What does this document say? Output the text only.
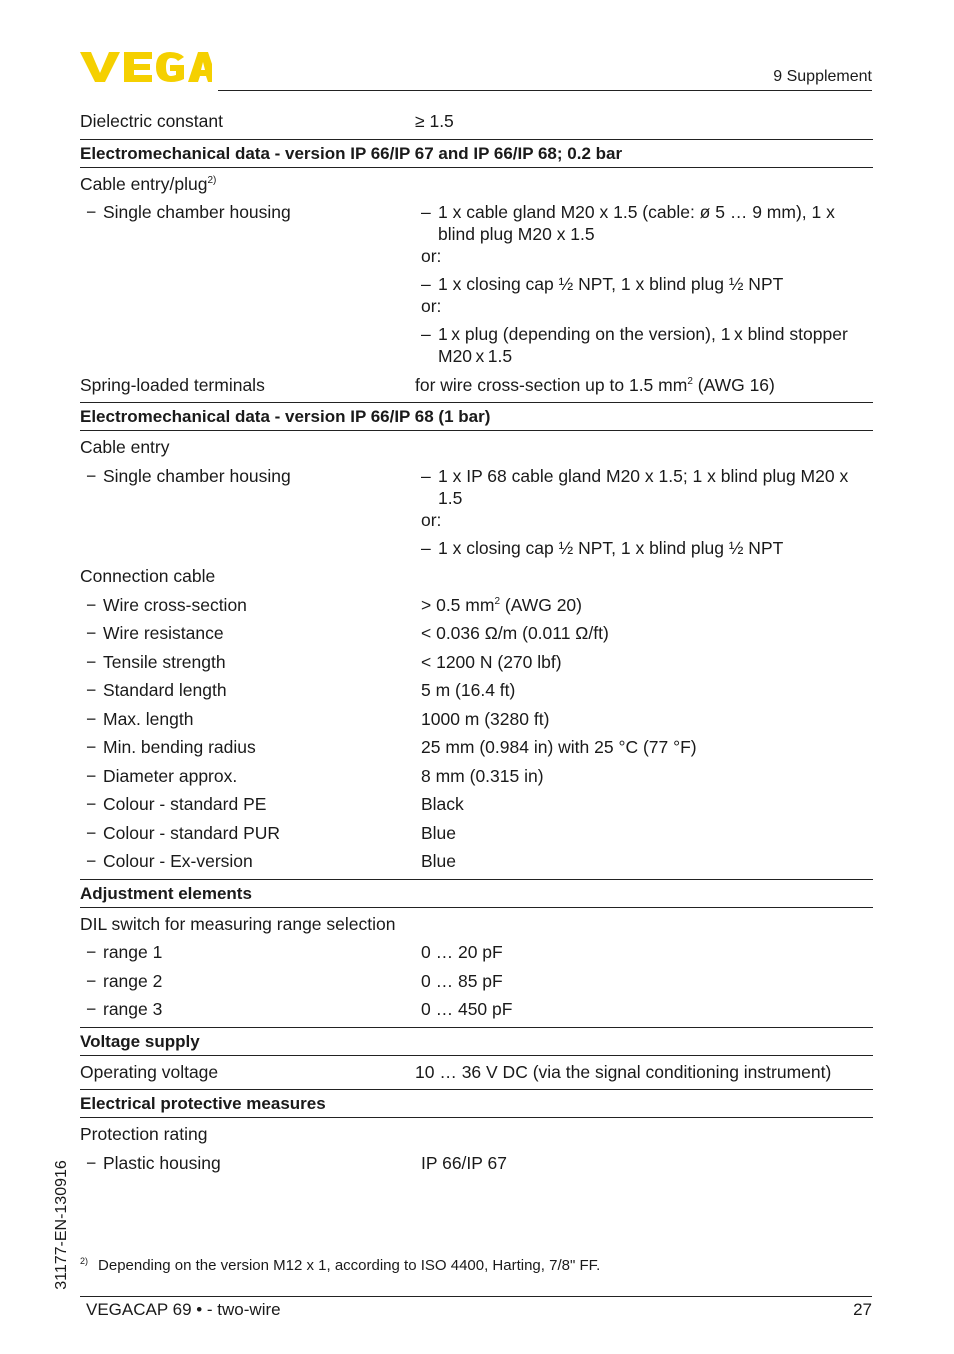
9 Supplement
Dielectric constant	≥ 1.5
Electromechanical data - version IP 66/IP 67 and IP 66/IP 68; 0.2 bar
Cable entry/plug$^{2)}$
− Single chamber housing	– 1 x cable gland M20 x 1.5 (cable: ø 5 … 9 mm), 1 x blind plug M20 x 1.5
or:
– 1 x closing cap ½ NPT, 1 x blind plug ½ NPT
or:
– 1 x plug (depending on the version), 1 x blind stopper M20 x 1.5
Spring-loaded terminals	for wire cross-section up to 1.5 $mm^2$ (AWG 16)
Electromechanical data - version IP 66/IP 68 (1 bar)
Cable entry
− Single chamber housing	– 1 x IP 68 cable gland M20 x 1.5; 1 x blind plug M20 x 1.5
or:
– 1 x closing cap ½ NPT, 1 x blind plug ½ NPT
Connection cable
− Wire cross-section	> 0.5 $mm^2$ (AWG 20)
− Wire resistance	< 0.036 Ω/m (0.011 Ω/ft)
− Tensile strength	< 1200 N (270 lbf)
− Standard length	5 m (16.4 ft)
− Max. length	1000 m (3280 ft)
− Min. bending radius	25 mm (0.984 in) with 25 °C (77 °F)
− Diameter approx.	8 mm (0.315 in)
− Colour - standard PE	Black
− Colour - standard PUR	Blue
− Colour - Ex-version	Blue
Adjustment elements
DIL switch for measuring range selection
− range 1	0 … 20 pF
− range 2	0 … 85 pF
− range 3	0 … 450 pF
Voltage supply
Operating voltage	10 … 36 V DC (via the signal conditioning instrument)
Electrical protective measures
Protection rating
− Plastic housing	IP 66/IP 67
31177-EN-130916 $^{2)}$ Depending on the version M12 x 1, according to ISO 4400, Harting, 7/8" FF.
VEGACAP 69 • - two-wire	27
